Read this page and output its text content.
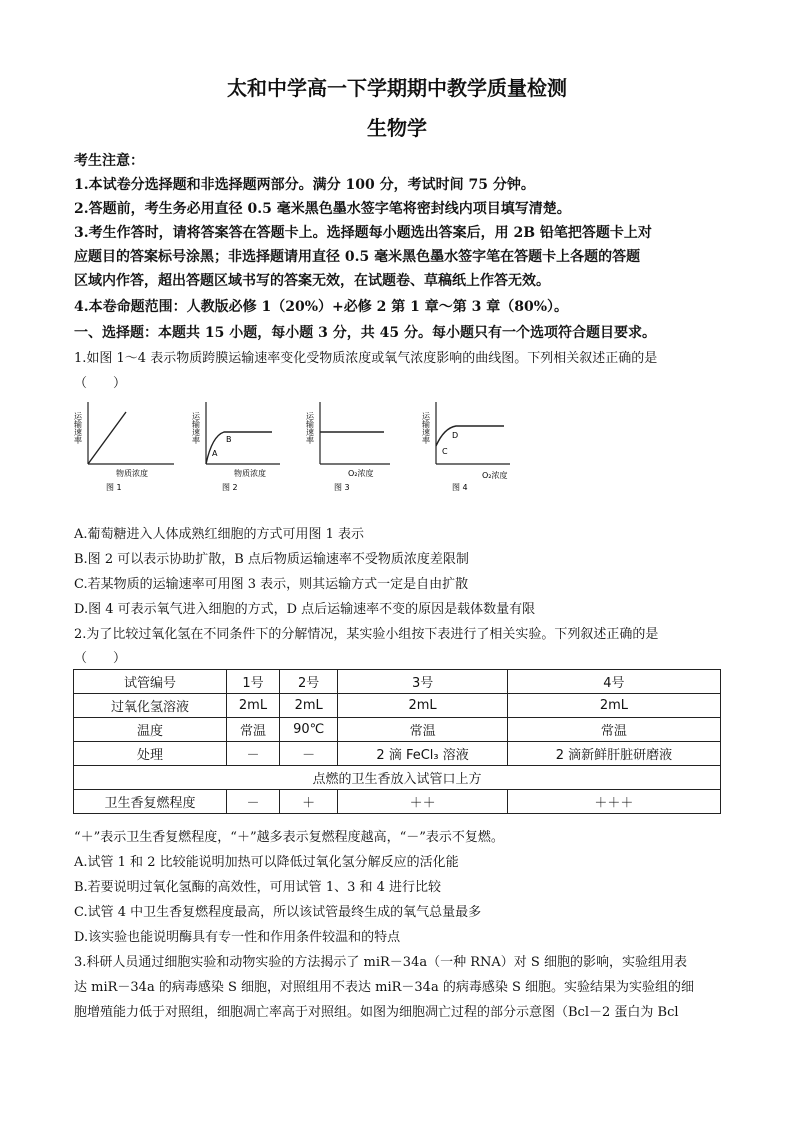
太和中学高一下学期期中教学质量检测
生物学
考生注意：
1.本试卷分选择题和非选择题两部分。满分 100 分，考试时间 75 分钟。
2.答题前，考生务必用直径 0.5 毫米黑色墨水签字笔将密封线内项目填写清楚。
3.考生作答时，请将答案答在答题卡上。选择题每小题选出答案后，用 2B 铅笔把答题卡上对
应题目的答案标号涂黑；非选择题请用直径 0.5 毫米黑色墨水签字笔在答题卡上各题的答题
区域内作答，超出答题区域书写的答案无效，在试题卷、草稿纸上作答无效。
4.本卷命题范围：人教版必修 1（20%）+必修 2 第 1 章～第 3 章（80%）。
一、选择题：本题共 15 小题，每小题 3 分，共 45 分。每小题只有一个选项符合题目要求。
1.如图 1～4 表示物质跨膜运输速率变化受物质浓度或氧气浓度影响的曲线图。下列相关叙述正确的是
（　　）
运输速率
物质浓度
图 1
运输速率
A
B
物质浓度
图 2
运输速率
O₂浓度
图 3
运输速率
C
D
O₂浓度
图 4
A.葡萄糖进入人体成熟红细胞的方式可用图 1 表示
B.图 2 可以表示协助扩散，B 点后物质运输速率不受物质浓度差限制
C.若某物质的运输速率可用图 3 表示，则其运输方式一定是自由扩散
D.图 4 可表示氧气进入细胞的方式，D 点后运输速率不变的原因是载体数量有限
2.为了比较过氧化氢在不同条件下的分解情况，某实验小组按下表进行了相关实验。下列叙述正确的是
（　　）
试管编号	1号	2号	3号	4号
过氧化氢溶液	2mL	2mL	2mL	2mL
温度	常温	90℃	常温	常温
处理	－	－	2 滴 FeCl₃ 溶液	2 滴新鲜肝脏研磨液
点燃的卫生香放入试管口上方				
卫生香复燃程度	－	＋	＋＋	＋＋＋
“＋”表示卫生香复燃程度，“＋”越多表示复燃程度越高，“－”表示不复燃。
A.试管 1 和 2 比较能说明加热可以降低过氧化氢分解反应的活化能
B.若要说明过氧化氢酶的高效性，可用试管 1、3 和 4 进行比较
C.试管 4 中卫生香复燃程度最高，所以该试管最终生成的氧气总量最多
D.该实验也能说明酶具有专一性和作用条件较温和的特点
3.科研人员通过细胞实验和动物实验的方法揭示了 miR－34a（一种 RNA）对 S 细胞的影响，实验组用表
达 miR－34a 的病毒感染 S 细胞，对照组用不表达 miR－34a 的病毒感染 S 细胞。实验结果为实验组的细
胞增殖能力低于对照组，细胞凋亡率高于对照组。如图为细胞凋亡过程的部分示意图（Bcl－2 蛋白为 Bcl
